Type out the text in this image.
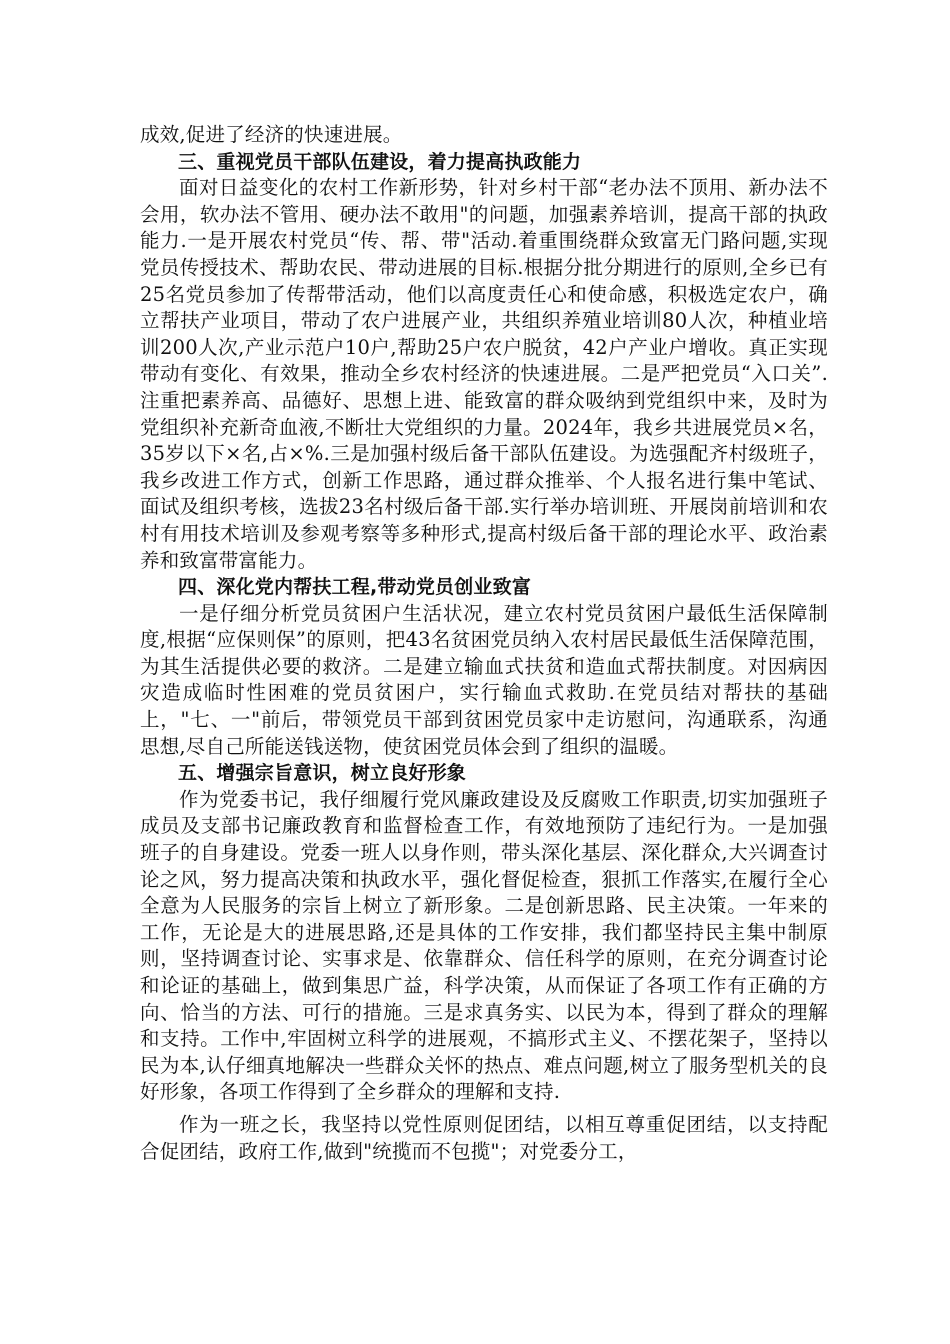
成效,促进了经济的快速进展。

三、重视党员干部队伍建设，着力提高执政能力

面对日益变化的农村工作新形势，针对乡村干部“老办法不顶用、新办法不会用，软办法不管用、硬办法不敢用"的问题，加强素养培训，提高干部的执政能力.一是开展农村党员“传、帮、带"活动.着重围绕群众致富无门路问题,实现党员传授技术、帮助农民、带动进展的目标.根据分批分期进行的原则,全乡已有25名党员参加了传帮带活动，他们以高度责任心和使命感，积极选定农户，确立帮扶产业项目，带动了农户进展产业，共组织养殖业培训80人次，种植业培训200人次,产业示范户10户,帮助25户农户脱贫，42户产业户增收。真正实现带动有变化、有效果，推动全乡农村经济的快速进展。二是严把党员“入口关”.注重把素养高、品德好、思想上进、能致富的群众吸纳到党组织中来，及时为党组织补充新奇血液,不断壮大党组织的力量。2024年，我乡共进展党员×名，35岁以下×名,占×%.三是加强村级后备干部队伍建设。为选强配齐村级班子，我乡改进工作方式，创新工作思路，通过群众推举、个人报名进行集中笔试、面试及组织考核，选拔23名村级后备干部.实行举办培训班、开展岗前培训和农村有用技术培训及参观考察等多种形式,提高村级后备干部的理论水平、政治素养和致富带富能力。

四、深化党内帮扶工程,带动党员创业致富

一是仔细分析党员贫困户生活状况，建立农村党员贫困户最低生活保障制度,根据“应保则保”的原则，把43名贫困党员纳入农村居民最低生活保障范围，为其生活提供必要的救济。二是建立输血式扶贫和造血式帮扶制度。对因病因灾造成临时性困难的党员贫困户，实行输血式救助.在党员结对帮扶的基础上，"七、一"前后，带领党员干部到贫困党员家中走访慰问，沟通联系，沟通思想,尽自己所能送钱送物，使贫困党员体会到了组织的温暖。

五、增强宗旨意识，树立良好形象

作为党委书记，我仔细履行党风廉政建设及反腐败工作职责,切实加强班子成员及支部书记廉政教育和监督检查工作，有效地预防了违纪行为。一是加强班子的自身建设。党委一班人以身作则，带头深化基层、深化群众,大兴调查讨论之风，努力提高决策和执政水平，强化督促检查，狠抓工作落实,在履行全心全意为人民服务的宗旨上树立了新形象。二是创新思路、民主决策。一年来的工作，无论是大的进展思路,还是具体的工作安排，我们都坚持民主集中制原则，坚持调查讨论、实事求是、依靠群众、信任科学的原则，在充分调查讨论和论证的基础上，做到集思广益，科学决策，从而保证了各项工作有正确的方向、恰当的方法、可行的措施。三是求真务实、以民为本，得到了群众的理解和支持。工作中,牢固树立科学的进展观，不搞形式主义、不摆花架子，坚持以民为本,认仔细真地解决一些群众关怀的热点、难点问题,树立了服务型机关的良好形象，各项工作得到了全乡群众的理解和支持.

作为一班之长，我坚持以党性原则促团结，以相互尊重促团结，以支持配合促团结，政府工作,做到"统揽而不包揽"；对党委分工，
